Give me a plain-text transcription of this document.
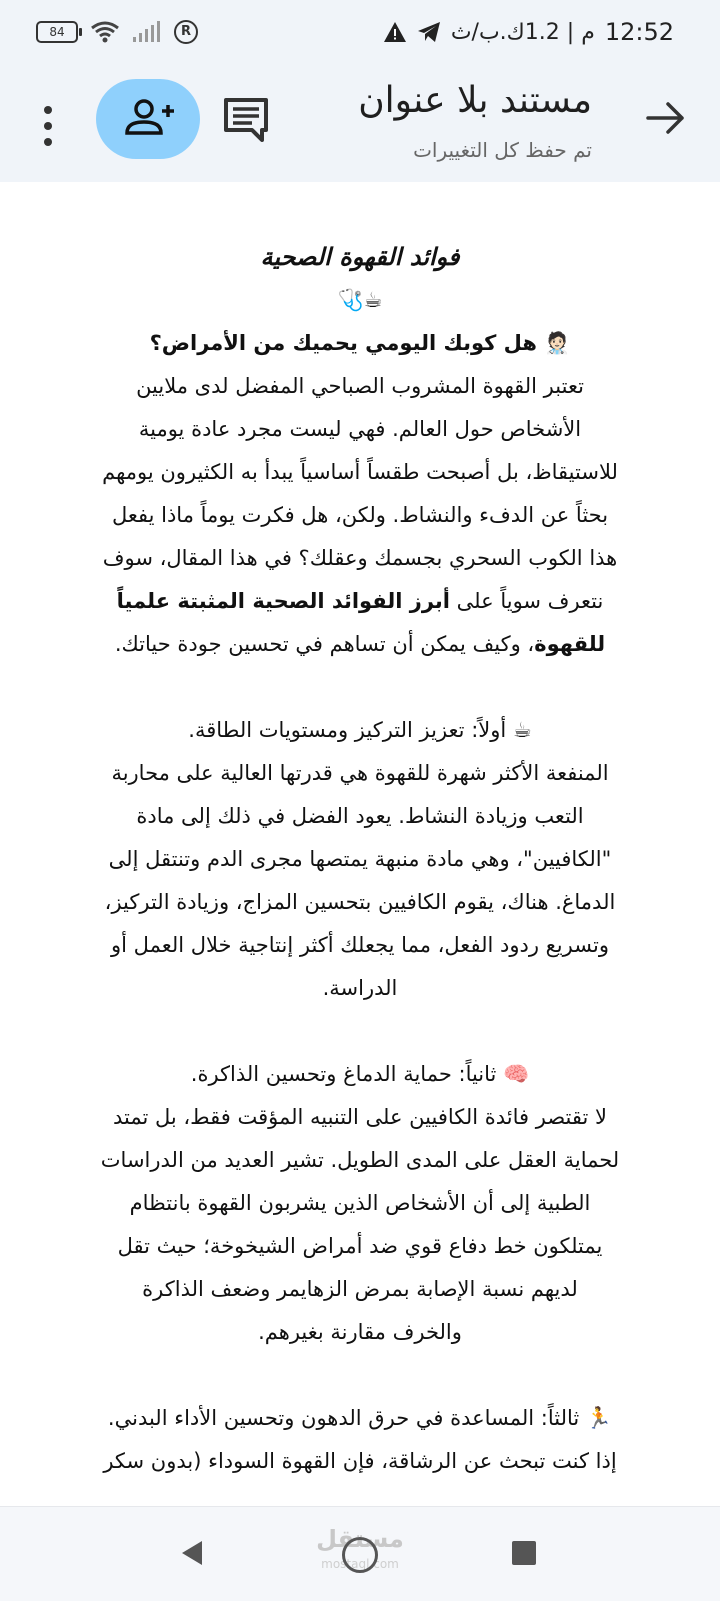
84	R	م | 1.2ك.ب/ث 12:52
مستند بلا عنوان
تم حفظ كل التغييرات

فوائد القهوة الصحية

☕🩺

🧑🏻‍⚕️ هل كوبك اليومي يحميك من الأمراض؟

تعتبر القهوة المشروب الصباحي المفضل لدى ملايين

الأشخاص حول العالم. فهي ليست مجرد عادة يومية

للاستيقاظ، بل أصبحت طقساً أساسياً يبدأ به الكثيرون يومهم

بحثاً عن الدفء والنشاط. ولكن، هل فكرت يوماً ماذا يفعل

هذا الكوب السحري بجسمك وعقلك؟ في هذا المقال، سوف

نتعرف سوياً على أبرز الفوائد الصحية المثبتة علمياً

للقهوة، وكيف يمكن أن تساهم في تحسين جودة حياتك.

☕ أولاً: تعزيز التركيز ومستويات الطاقة.

المنفعة الأكثر شهرة للقهوة هي قدرتها العالية على محاربة

التعب وزيادة النشاط. يعود الفضل في ذلك إلى مادة

"الكافيين"، وهي مادة منبهة يمتصها مجرى الدم وتنتقل إلى

الدماغ. هناك، يقوم الكافيين بتحسين المزاج، وزيادة التركيز،

وتسريع ردود الفعل، مما يجعلك أكثر إنتاجية خلال العمل أو

الدراسة.

🧠 ثانياً: حماية الدماغ وتحسين الذاكرة.

لا تقتصر فائدة الكافيين على التنبيه المؤقت فقط، بل تمتد

لحماية العقل على المدى الطويل. تشير العديد من الدراسات

الطبية إلى أن الأشخاص الذين يشربون القهوة بانتظام

يمتلكون خط دفاع قوي ضد أمراض الشيخوخة؛ حيث تقل

لديهم نسبة الإصابة بمرض الزهايمر وضعف الذاكرة

والخرف مقارنة بغيرهم.

🏃 ثالثاً: المساعدة في حرق الدهون وتحسين الأداء البدني.

إذا كنت تبحث عن الرشاقة، فإن القهوة السوداء (بدون سكر

مستقل
mostaql.com
